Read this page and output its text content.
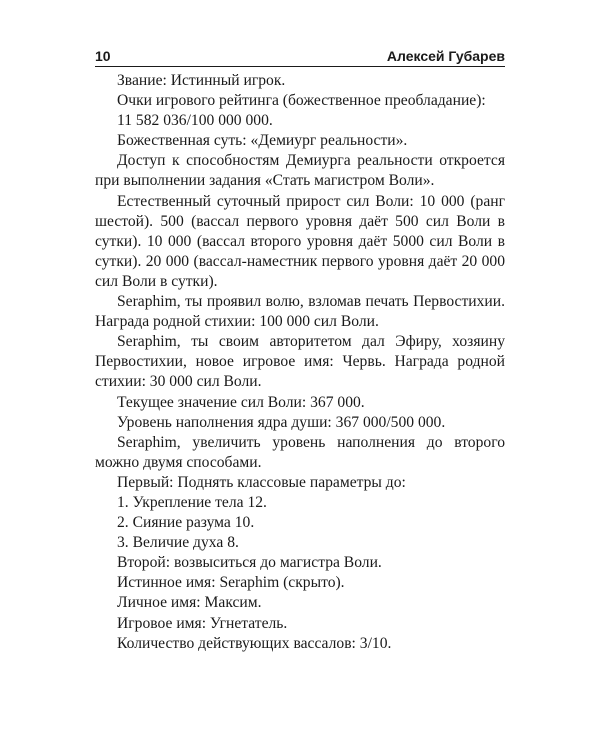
10	Алексей Губарев

Звание: Истинный игрок.

Очки игрового рейтинга (божественное преобладание):

11 582 036/100 000 000.

Божественная суть: «Демиург реальности».

Доступ к способностям Демиурга реальности откроется при выполнении задания «Стать магистром Воли».

Естественный суточный прирост сил Воли: 10 000 (ранг шестой). 500 (вассал первого уровня даёт 500 сил Воли в сутки). 10 000 (вассал второго уровня даёт 5000 сил Воли в сутки). 20 000 (вассал-наместник первого уровня даёт 20 000 сил Воли в сутки).

Seraphim, ты проявил волю, взломав печать Первостихии. Награда родной стихии: 100 000 сил Воли.

Seraphim, ты своим авторитетом дал Эфиру, хозяину Первостихии, новое игровое имя: Червь. Награда родной стихии: 30 000 сил Воли.

Текущее значение сил Воли: 367 000.

Уровень наполнения ядра души: 367 000/500 000.

Seraphim, увеличить уровень наполнения до второго можно двумя способами.

Первый: Поднять классовые параметры до:

1. Укрепление тела 12.

2. Сияние разума 10.

3. Величие духа 8.

Второй: возвыситься до магистра Воли.

Истинное имя: Seraphim (скрыто).

Личное имя: Максим.

Игровое имя: Угнетатель.

Количество действующих вассалов: 3/10.
